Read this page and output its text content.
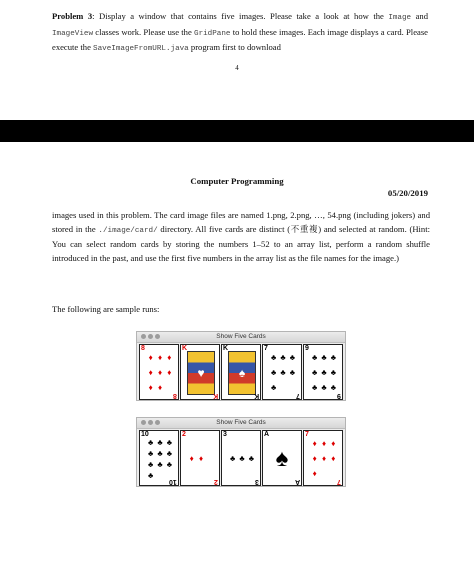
Problem 3: Display a window that contains five images. Please take a look at how the Image and ImageView classes work. Please use the GridPane to hold these images. Each image displays a card. Please execute the SaveImageFromURL.java program first to download
4
Computer Programming
05/20/2019
images used in this problem. The card image files are named 1.png, 2.png, …, 54.png (including jokers) and stored in the ./image/card/ directory. All five cards are distinct (不重複) and selected at random. (Hint: You can select random cards by storing the numbers 1–52 to an array list, perform a random shuffle introduced in the past, and use the first five numbers in the array list as the file names for the image.)
The following are sample runs:
Show Five Cards
8
♦ ♦ ♦
♦ ♦ ♦
♦ ♦
8
K
♥
K
K
♠
K
7
♣ ♣ ♣
♣ ♣ ♣
♣
7
9
♣ ♣ ♣
♣ ♣ ♣
♣ ♣ ♣
9
Show Five Cards
10
♣ ♣ ♣
♣ ♣ ♣
♣ ♣ ♣
♣
10
2
♦ ♦
2
3
♣ ♣ ♣
3
A
♠
A
7
♦ ♦ ♦
♦ ♦ ♦
♦
7
